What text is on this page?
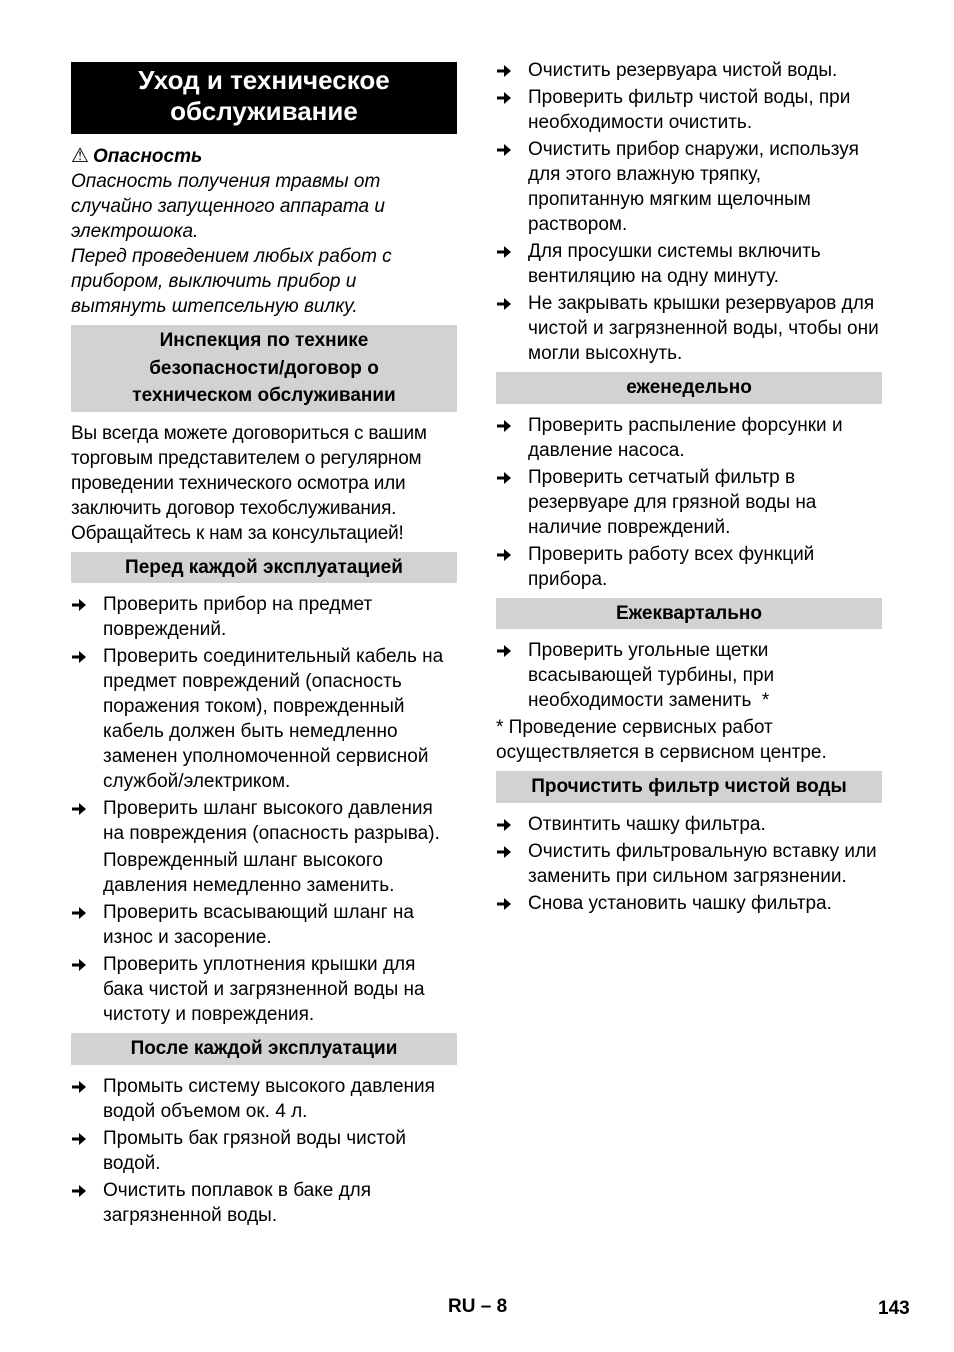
Уход и техническое
обслуживание
⚠ Опасность
Опасность получения травмы от случайно запущенного аппарата и электрошока.
Перед проведением любых работ с прибором, выключить прибор и вытянуть штепсельную вилку.
Инспекция по технике
безопасности/договор о
техническом обслуживании
Вы всегда можете договориться с вашим торговым представителем о регулярном проведении технического осмотра или заключить договор техобслуживания. Обращайтесь к нам за консультацией!
Перед каждой эксплуатацией
Проверить прибор на предмет повреждений.
Проверить соединительный кабель на предмет повреждений (опасность поражения током), поврежденный кабель должен быть немедленно заменен уполномоченной сервисной службой/электриком.
Проверить шланг высокого давления на повреждения (опасность разрыва).
Поврежденный шланг высокого давления немедленно заменить.
Проверить всасывающий шланг на износ и засорение.
Проверить уплотнения крышки для бака чистой и загрязненной воды на чистоту и повреждения.
После каждой эксплуатации
Промыть систему высокого давления водой объемом ок. 4 л.
Промыть бак грязной воды чистой водой.
Очистить поплавок в баке для загрязненной воды.
Очистить резервуара чистой воды.
Проверить фильтр чистой воды, при необходимости очистить.
Очистить прибор снаружи, используя для этого влажную тряпку, пропитанную мягким щелочным раствором.
Для просушки системы включить вентиляцию на одну минуту.
Не закрывать крышки резервуаров для чистой и загрязненной воды, чтобы они могли высохнуть.
еженедельно
Проверить распыление форсунки и давление насоса.
Проверить сетчатый фильтр в резервуаре для грязной воды на наличие повреждений.
Проверить работу всех функций прибора.
Ежеквартально
Проверить угольные щетки всасывающей турбины, при необходимости заменить  *
* Проведение сервисных работ осуществляется в сервисном центре.
Прочистить фильтр чистой воды
Отвинтить чашку фильтра.
Очистить фильтровальную вставку или заменить при сильном загрязнении.
Снова установить чашку фильтра.
RU – 8	143
